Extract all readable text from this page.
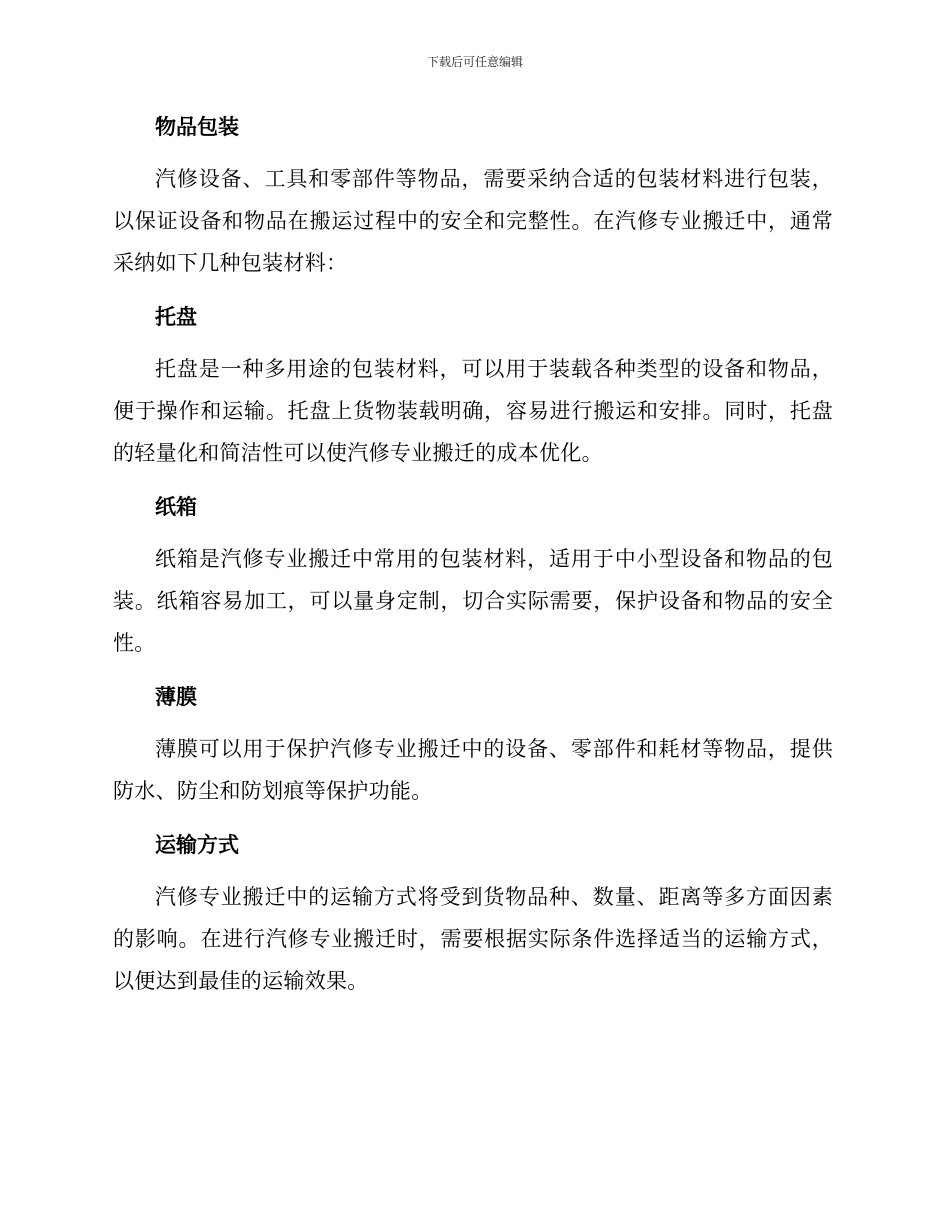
下载后可任意编辑
物品包装

汽修设备、工具和零部件等物品，需要采纳合适的包装材料进行包装，以保证设备和物品在搬运过程中的安全和完整性。在汽修专业搬迁中，通常采纳如下几种包装材料：

托盘

托盘是一种多用途的包装材料，可以用于装载各种类型的设备和物品，便于操作和运输。托盘上货物装载明确，容易进行搬运和安排。同时，托盘的轻量化和简洁性可以使汽修专业搬迁的成本优化。

纸箱

纸箱是汽修专业搬迁中常用的包装材料，适用于中小型设备和物品的包装。纸箱容易加工，可以量身定制，切合实际需要，保护设备和物品的安全性。

薄膜

薄膜可以用于保护汽修专业搬迁中的设备、零部件和耗材等物品，提供防水、防尘和防划痕等保护功能。

运输方式

汽修专业搬迁中的运输方式将受到货物品种、数量、距离等多方面因素的影响。在进行汽修专业搬迁时，需要根据实际条件选择适当的运输方式，以便达到最佳的运输效果。
